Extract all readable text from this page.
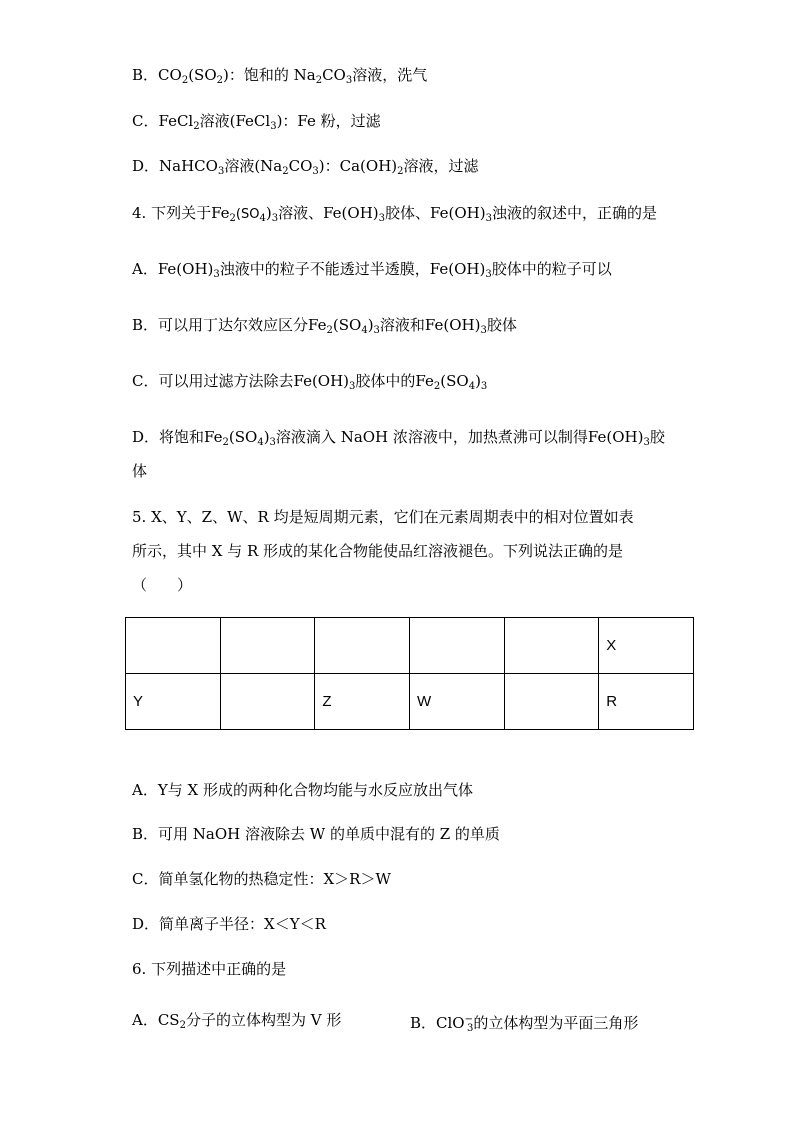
B．$CO_2(SO_2)$：饱和的 $Na_2CO_3$溶液，洗气
C．FeCl$_2$溶液(FeCl$_3$)：Fe 粉，过滤
D．NaHCO$_3$溶液$(Na_2CO_3)$：$Ca(OH)_2$溶液，过滤
4. 下列关于$Fe_2(SO_4)_3$溶液、$Fe(OH)_3$胶体、$Fe(OH)_3$浊液的叙述中，正确的是
A．$Fe(OH)_3$浊液中的粒子不能透过半透膜，$Fe(OH)_3$胶体中的粒子可以
B．可以用丁达尔效应区分$Fe_2(SO_4)_3$溶液和$Fe(OH)_3$胶体
C．可以用过滤方法除去$Fe(OH)_3$胶体中的$Fe_2(SO_4)_3$
D．将饱和$Fe_2(SO_4)_3$溶液滴入 NaOH 浓溶液中，加热煮沸可以制得$Fe(OH)_3$胶
体
5. X、Y、Z、W、R 均是短周期元素，它们在元素周期表中的相对位置如表
所示，其中 X 与 R 形成的某化合物能使品红溶液褪色。下列说法正确的是
（　　）
					X
Y		Z	W		R
A．Y与 X 形成的两种化合物均能与水反应放出气体
B．可用 NaOH 溶液除去 W 的单质中混有的 Z 的单质
C．简单氢化物的热稳定性：X＞R＞W
D．简单离子半径：X＜Y＜R
6. 下列描述中正确的是
A．$CS_2$分子的立体构型为 V 形	B．ClO−$_3$的立体构型为平面三角形
